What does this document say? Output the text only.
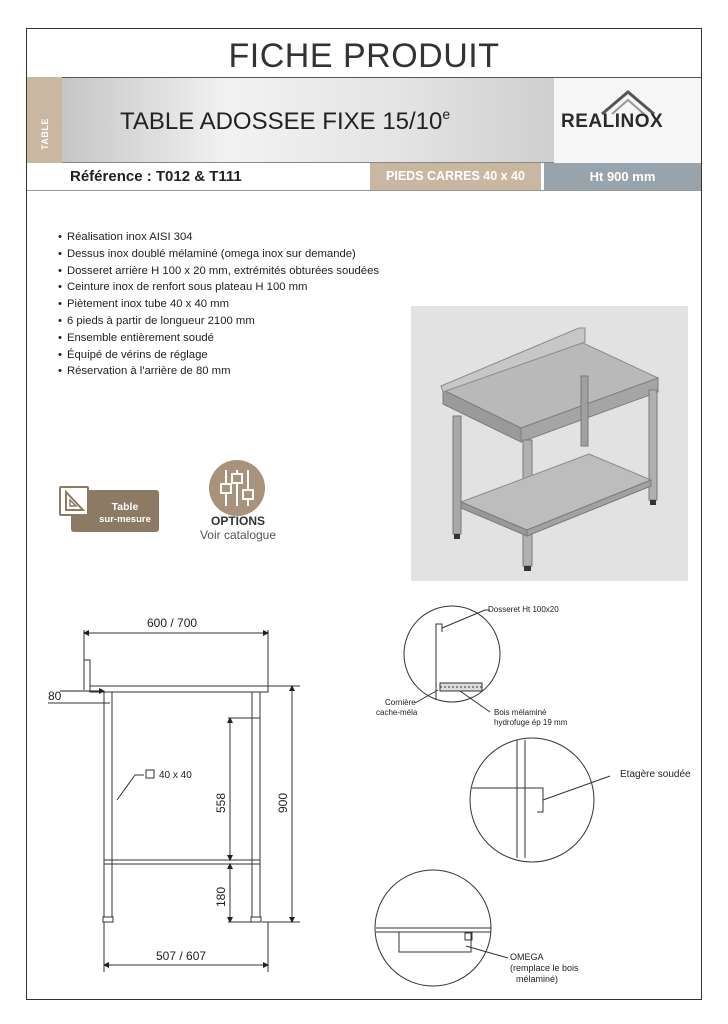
FICHE PRODUIT
TABLE ADOSSEE FIXE 15/10e	REALINOX
TABLE
Référence : T012 & T111	PIEDS CARRES 40 x 40	Ht 900 mm
• Réalisation inox AISI 304
• Dessus inox doublé mélaminé (omega inox sur demande)
• Dosseret arrière H 100 x 20 mm, extrémités obturées soudées
• Ceinture inox de renfort sous plateau H 100 mm
• Piètement inox tube 40 x 40 mm
• 6 pieds à partir de longueur 2100 mm
• Ensemble entièrement soudé
• Équipé de vérins de réglage
• Réservation à l'arrière de 80 mm
Table
sur-mesure	OPTIONS
Voir catalogue
600 / 700
80
40 x 40
558	900
180
507 / 607
Dosseret Ht 100x20
Cornière
cache-méla	Bois mélaminé
hydrofuge ép 19 mm
Etagère soudée
OMEGA
(remplace le bois
mélaminé)
